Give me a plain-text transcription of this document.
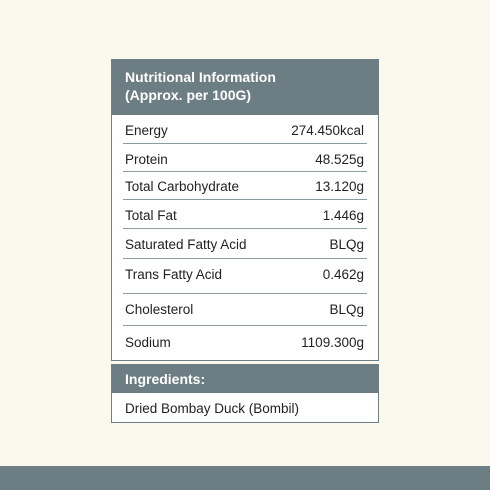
Nutritional Information
(Approx. per 100G)
Energy	274.450kcal
Protein	48.525g
Total Carbohydrate	13.120g
Total Fat	1.446g
Saturated Fatty Acid	BLQg
Trans Fatty Acid	0.462g
Cholesterol	BLQg
Sodium	1109.300g
Ingredients:
Dried Bombay Duck (Bombil)
